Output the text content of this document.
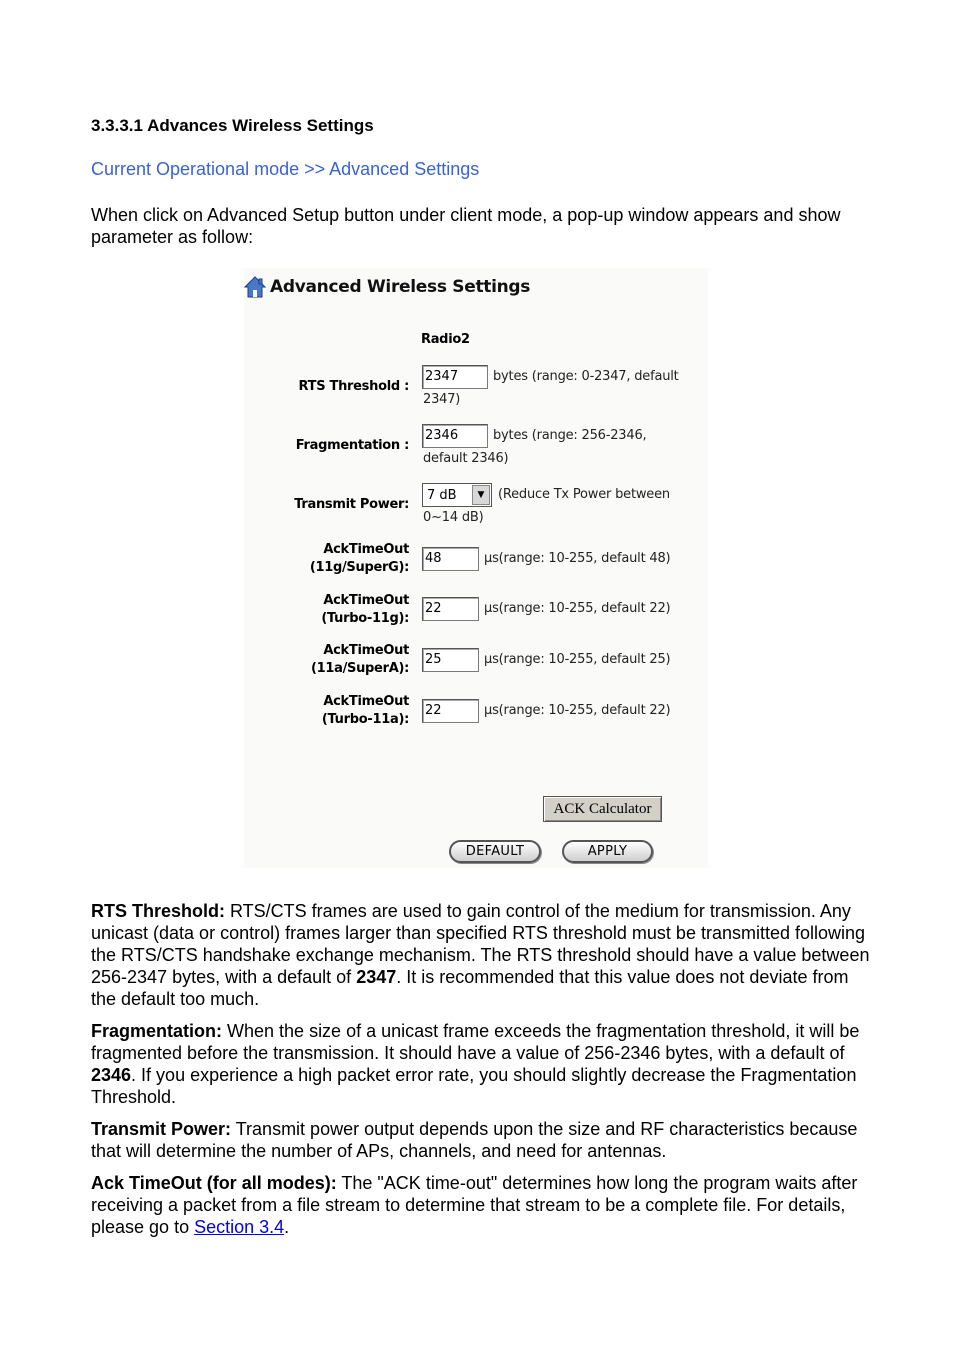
3.3.3.1 Advances Wireless Settings
Current Operational mode >> Advanced Settings
When click on Advanced Setup button under client mode, a pop-up window appears and show parameter as follow:
Advanced Wireless Settings
Radio2
RTS Threshold :
2347	bytes (range: 0-2347, default
2347)
Fragmentation :
2346	bytes (range: 256-2346,
default 2346)
Transmit Power:
7 dB	▼	(Reduce Tx Power between
0~14 dB)
AckTimeOut
(11g/SuperG):
48	µs(range: 10-255, default 48)
AckTimeOut
(Turbo-11g):
22	µs(range: 10-255, default 22)
AckTimeOut
(11a/SuperA):
25	µs(range: 10-255, default 25)
AckTimeOut
(Turbo-11a):
22	µs(range: 10-255, default 22)
ACK Calculator
DEFAULT	APPLY
RTS Threshold: RTS/CTS frames are used to gain control of the medium for transmission. Any unicast (data or control) frames larger than specified RTS threshold must be transmitted following the RTS/CTS handshake exchange mechanism. The RTS threshold should have a value between 256-2347 bytes, with a default of 2347. It is recommended that this value does not deviate from the default too much.
Fragmentation: When the size of a unicast frame exceeds the fragmentation threshold, it will be fragmented before the transmission. It should have a value of 256-2346 bytes, with a default of 2346. If you experience a high packet error rate, you should slightly decrease the Fragmentation Threshold.
Transmit Power: Transmit power output depends upon the size and RF characteristics because that will determine the number of APs, channels, and need for antennas.
Ack TimeOut (for all modes): The "ACK time-out" determines how long the program waits after receiving a packet from a file stream to determine that stream to be a complete file. For details, please go to Section 3.4.
